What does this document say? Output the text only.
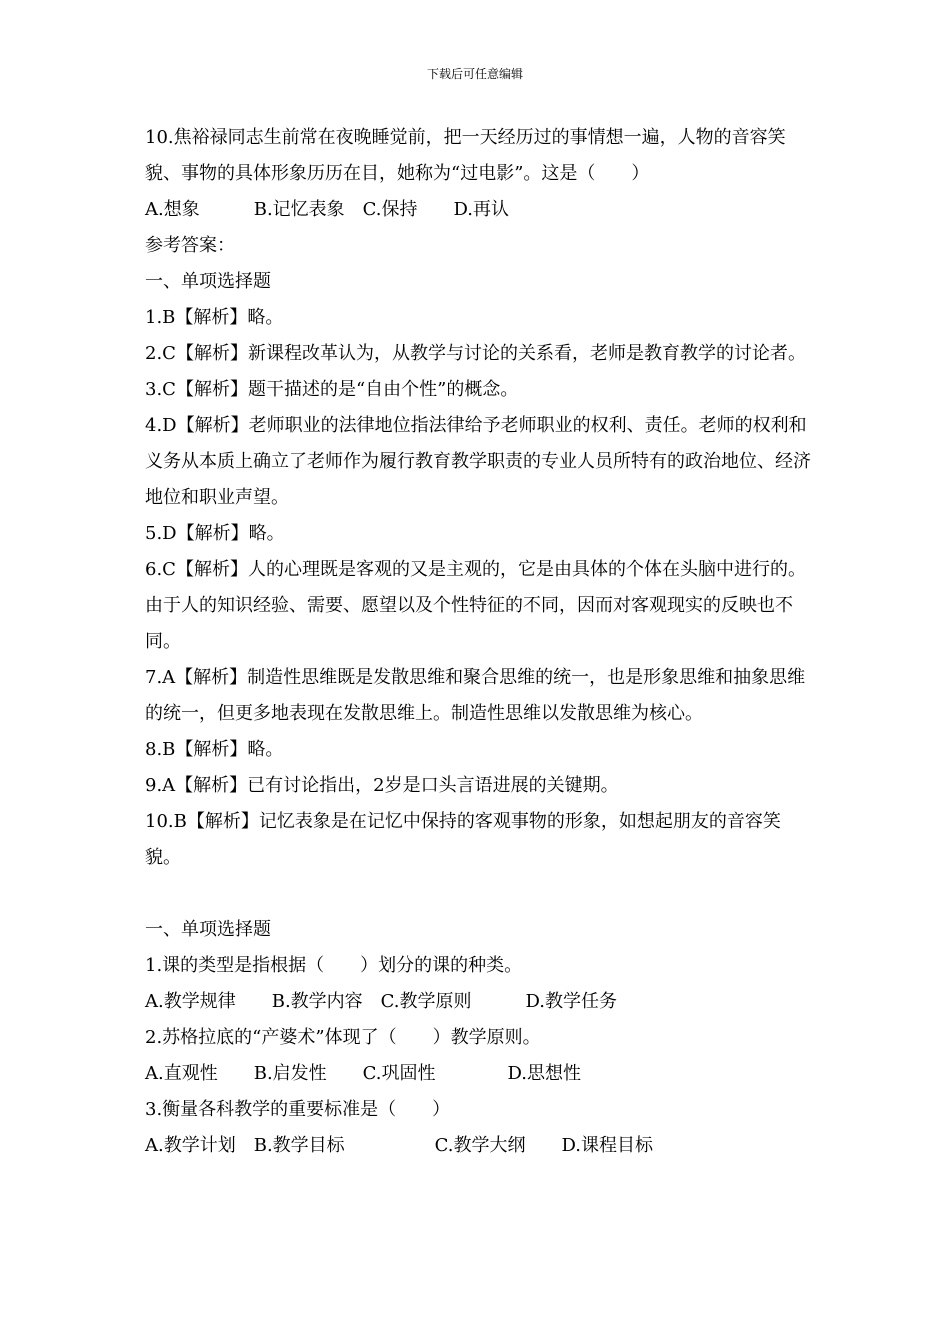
下载后可任意编辑

10.焦裕禄同志生前常在夜晚睡觉前，把一天经历过的事情想一遍，人物的音容笑貌、事物的具体形象历历在目，她称为“过电影”。这是（　　）

A.想象　　　B.记忆表象　C.保持　　D.再认

参考答案：

一、单项选择题

1.B【解析】略。

2.C【解析】新课程改革认为，从教学与讨论的关系看，老师是教育教学的讨论者。

3.C【解析】题干描述的是“自由个性”的概念。

4.D【解析】老师职业的法律地位指法律给予老师职业的权利、责任。老师的权利和义务从本质上确立了老师作为履行教育教学职责的专业人员所特有的政治地位、经济地位和职业声望。

5.D【解析】略。

6.C【解析】人的心理既是客观的又是主观的，它是由具体的个体在头脑中进行的。由于人的知识经验、需要、愿望以及个性特征的不同，因而对客观现实的反映也不同。

7.A【解析】制造性思维既是发散思维和聚合思维的统一，也是形象思维和抽象思维的统一，但更多地表现在发散思维上。制造性思维以发散思维为核心。

8.B【解析】略。

9.A【解析】已有讨论指出，2岁是口头言语进展的关键期。

10.B【解析】记忆表象是在记忆中保持的客观事物的形象，如想起朋友的音容笑貌。

一、单项选择题

1.课的类型是指根据（　　）划分的课的种类。

A.教学规律　　B.教学内容　C.教学原则　　　D.教学任务

2.苏格拉底的“产婆术”体现了（　　）教学原则。

A.直观性　　B.启发性　　C.巩固性　　　　D.思想性

3.衡量各科教学的重要标准是（　　）

A.教学计划　B.教学目标　　　　　C.教学大纲　　D.课程目标
